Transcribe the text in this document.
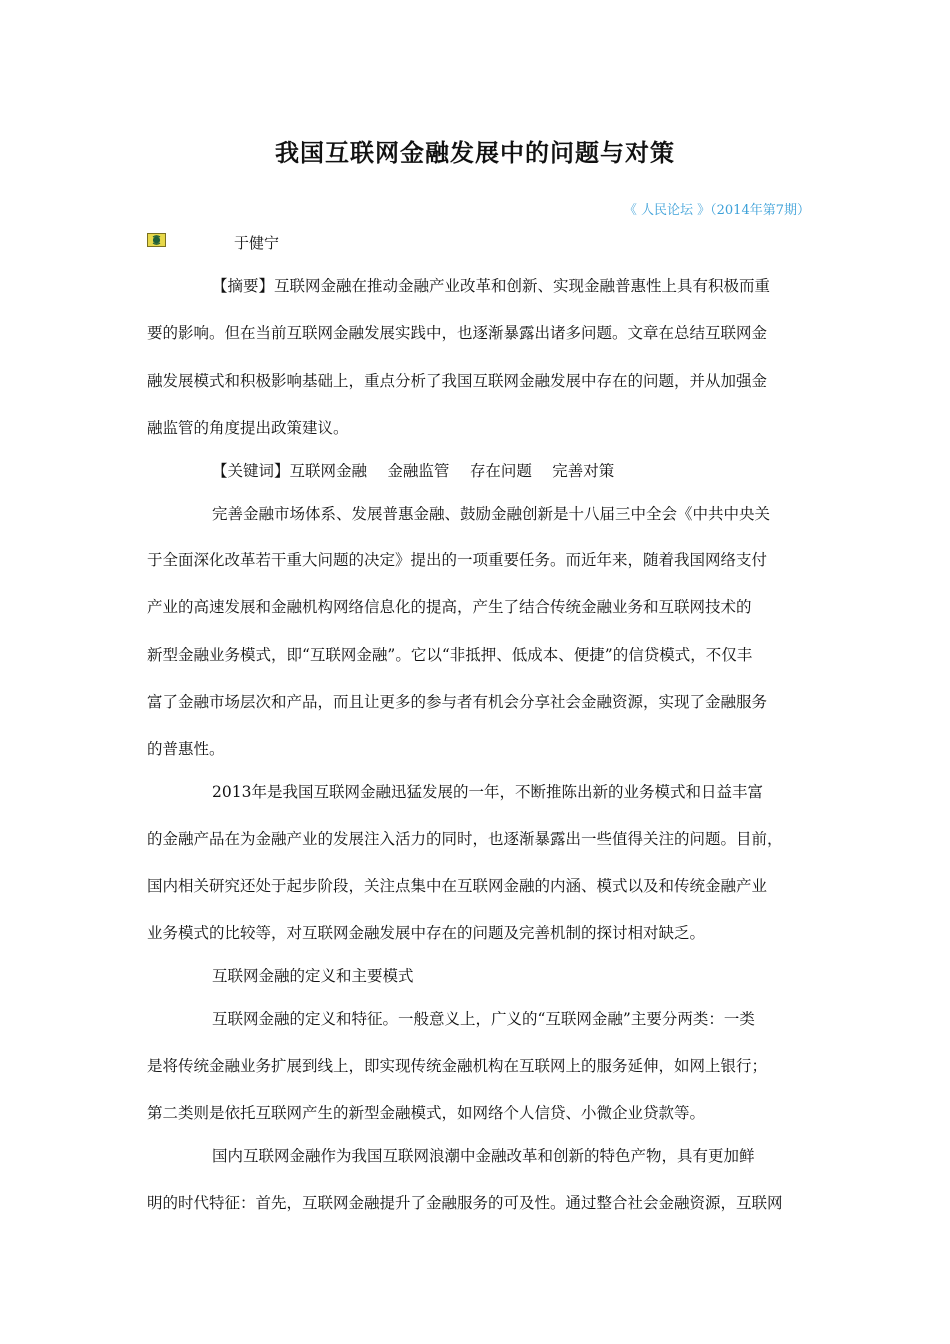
我国互联网金融发展中的问题与对策
《 人民论坛 》（2014年第7期）
于健宁
【摘要】互联网金融在推动金融产业改革和创新、实现金融普惠性上具有积极而重
要的影响。但在当前互联网金融发展实践中，也逐渐暴露出诸多问题。文章在总结互联网金
融发展模式和积极影响基础上，重点分析了我国互联网金融发展中存在的问题，并从加强金
融监管的角度提出政策建议。
【关键词】互联网金融　 金融监管　 存在问题　 完善对策
完善金融市场体系、发展普惠金融、鼓励金融创新是十八届三中全会《中共中央关
于全面深化改革若干重大问题的决定》提出的一项重要任务。而近年来，随着我国网络支付
产业的高速发展和金融机构网络信息化的提高，产生了结合传统金融业务和互联网技术的
新型金融业务模式，即“互联网金融”。它以“非抵押、低成本、便捷”的信贷模式，不仅丰
富了金融市场层次和产品，而且让更多的参与者有机会分享社会金融资源，实现了金融服务
的普惠性。
2013年是我国互联网金融迅猛发展的一年，不断推陈出新的业务模式和日益丰富
的金融产品在为金融产业的发展注入活力的同时，也逐渐暴露出一些值得关注的问题。目前，
国内相关研究还处于起步阶段，关注点集中在互联网金融的内涵、模式以及和传统金融产业
业务模式的比较等，对互联网金融发展中存在的问题及完善机制的探讨相对缺乏。
互联网金融的定义和主要模式
互联网金融的定义和特征。一般意义上，广义的“互联网金融”主要分两类：一类
是将传统金融业务扩展到线上，即实现传统金融机构在互联网上的服务延伸，如网上银行；
第二类则是依托互联网产生的新型金融模式，如网络个人信贷、小微企业贷款等。
国内互联网金融作为我国互联网浪潮中金融改革和创新的特色产物，具有更加鲜
明的时代特征：首先，互联网金融提升了金融服务的可及性。通过整合社会金融资源，互联网
